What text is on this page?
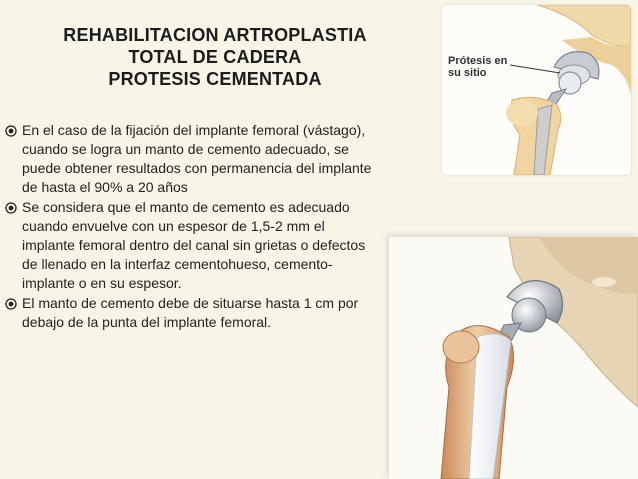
REHABILITACION ARTROPLASTIA
TOTAL DE CADERA
PROTESIS CEMENTADA
En el caso de la fijación del implante femoral (vástago), cuando se logra un manto de cemento adecuado, se puede obtener resultados con permanencia del implante de hasta el 90% a 20 años
Se considera que el manto de cemento es adecuado cuando envuelve con un espesor de 1,5-2 mm el implante femoral dentro del canal sin grietas o defectos de llenado en la interfaz cementohueso, cemento-implante o en su espesor.
El manto de cemento debe de situarse hasta 1 cm por debajo de la punta del implante femoral.
Prótesis en
su sitio
